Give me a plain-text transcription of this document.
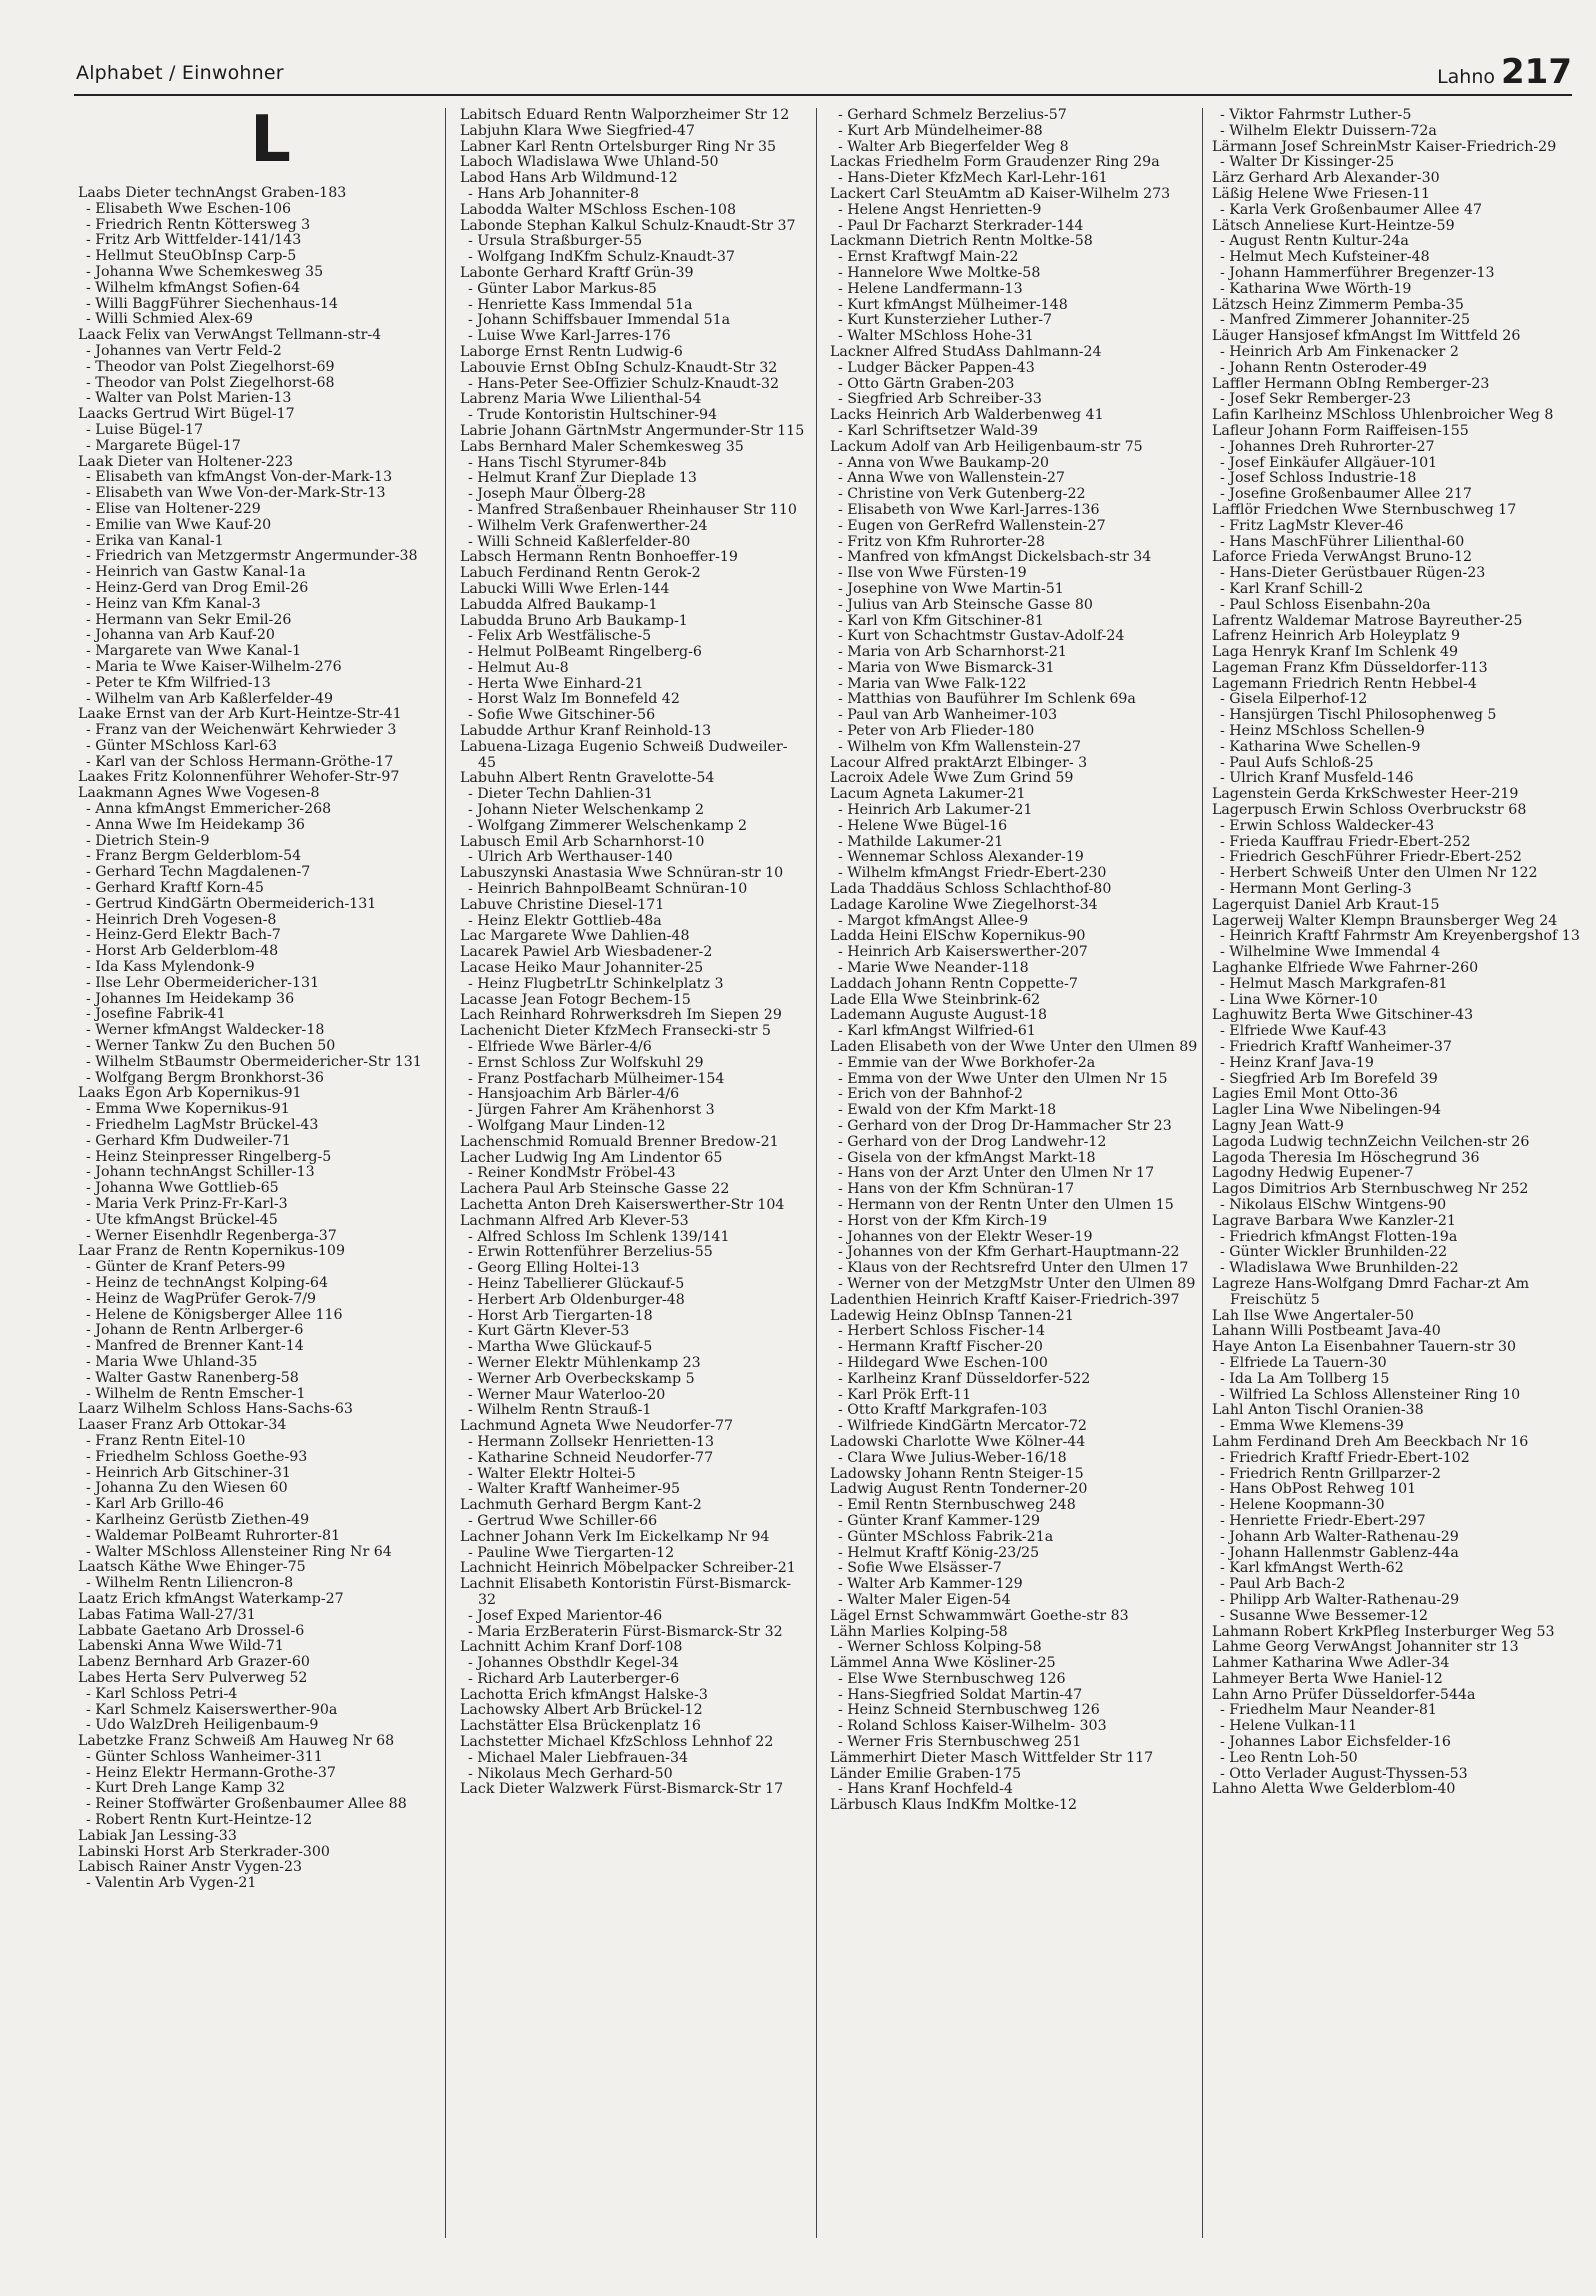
Alphabet / Einwohner	Lahno 217
L

Laabs Dieter technAngst Graben-183

- Elisabeth Wwe Eschen-106

- Friedrich Rentn Köttersweg 3

- Fritz Arb Wittfelder-141/143

- Hellmut SteuObInsp Carp-5

- Johanna Wwe Schemkesweg 35

- Wilhelm kfmAngst Sofien-64

- Willi BaggFührer Siechenhaus-14

- Willi Schmied Alex-69

Laack Felix van VerwAngst Tellmann-str-4

- Johannes van Vertr Feld-2

- Theodor van Polst Ziegelhorst-69

- Theodor van Polst Ziegelhorst-68

- Walter van Polst Marien-13

Laacks Gertrud Wirt Bügel-17

- Luise Bügel-17

- Margarete Bügel-17

Laak Dieter van Holtener-223

- Elisabeth van kfmAngst Von-der-Mark-13

- Elisabeth van Wwe Von-der-Mark-Str-13

- Elise van Holtener-229

- Emilie van Wwe Kauf-20

- Erika van Kanal-1

- Friedrich van Metzgermstr Angermunder-38

- Heinrich van Gastw Kanal-1a

- Heinz-Gerd van Drog Emil-26

- Heinz van Kfm Kanal-3

- Hermann van Sekr Emil-26

- Johanna van Arb Kauf-20

- Margarete van Wwe Kanal-1

- Maria te Wwe Kaiser-Wilhelm-276

- Peter te Kfm Wilfried-13

- Wilhelm van Arb Kaßlerfelder-49

Laake Ernst van der Arb Kurt-Heintze-Str-41

- Franz van der Weichenwärt Kehrwieder 3

- Günter MSchloss Karl-63

- Karl van der Schloss Hermann-Gröthe-17

Laakes Fritz Kolonnenführer Wehofer-Str-97

Laakmann Agnes Wwe Vogesen-8

- Anna kfmAngst Emmericher-268

- Anna Wwe Im Heidekamp 36

- Dietrich Stein-9

- Franz Bergm Gelderblom-54

- Gerhard Techn Magdalenen-7

- Gerhard Kraftf Korn-45

- Gertrud KindGärtn Obermeiderich-131

- Heinrich Dreh Vogesen-8

- Heinz-Gerd Elektr Bach-7

- Horst Arb Gelderblom-48

- Ida Kass Mylendonk-9

- Ilse Lehr Obermeidericher-131

- Johannes Im Heidekamp 36

- Josefine Fabrik-41

- Werner kfmAngst Waldecker-18

- Werner Tankw Zu den Buchen 50

- Wilhelm StBaumstr Obermeidericher-Str 131

- Wolfgang Bergm Bronkhorst-36

Laaks Egon Arb Kopernikus-91

- Emma Wwe Kopernikus-91

- Friedhelm LagMstr Brückel-43

- Gerhard Kfm Dudweiler-71

- Heinz Steinpresser Ringelberg-5

- Johann technAngst Schiller-13

- Johanna Wwe Gottlieb-65

- Maria Verk Prinz-Fr-Karl-3

- Ute kfmAngst Brückel-45

- Werner Eisenhdlr Regenberga-37

Laar Franz de Rentn Kopernikus-109

- Günter de Kranf Peters-99

- Heinz de technAngst Kolping-64

- Heinz de WagPrüfer Gerok-7/9

- Helene de Königsberger Allee 116

- Johann de Rentn Arlberger-6

- Manfred de Brenner Kant-14

- Maria Wwe Uhland-35

- Walter Gastw Ranenberg-58

- Wilhelm de Rentn Emscher-1

Laarz Wilhelm Schloss Hans-Sachs-63

Laaser Franz Arb Ottokar-34

- Franz Rentn Eitel-10

- Friedhelm Schloss Goethe-93

- Heinrich Arb Gitschiner-31

- Johanna Zu den Wiesen 60

- Karl Arb Grillo-46

- Karlheinz Gerüstb Ziethen-49

- Waldemar PolBeamt Ruhrorter-81

- Walter MSchloss Allensteiner Ring Nr 64

Laatsch Käthe Wwe Ehinger-75

- Wilhelm Rentn Liliencron-8

Laatz Erich kfmAngst Waterkamp-27

Labas Fatima Wall-27/31

Labbate Gaetano Arb Drossel-6

Labenski Anna Wwe Wild-71

Labenz Bernhard Arb Grazer-60

Labes Herta Serv Pulverweg 52

- Karl Schloss Petri-4

- Karl Schmelz Kaiserswerther-90a

- Udo WalzDreh Heiligenbaum-9

Labetzke Franz Schweiß Am Hauweg Nr 68

- Günter Schloss Wanheimer-311

- Heinz Elektr Hermann-Grothe-37

- Kurt Dreh Lange Kamp 32

- Reiner Stoffwärter Großenbaumer Allee 88

- Robert Rentn Kurt-Heintze-12

Labiak Jan Lessing-33

Labinski Horst Arb Sterkrader-300

Labisch Rainer Anstr Vygen-23

- Valentin Arb Vygen-21

Labitsch Eduard Rentn Walporzheimer Str 12

Labjuhn Klara Wwe Siegfried-47

Labner Karl Rentn Ortelsburger Ring Nr 35

Laboch Wladislawa Wwe Uhland-50

Labod Hans Arb Wildmund-12

- Hans Arb Johanniter-8

Labodda Walter MSchloss Eschen-108

Labonde Stephan Kalkul Schulz-Knaudt-Str 37

- Ursula Straßburger-55

- Wolfgang IndKfm Schulz-Knaudt-37

Labonte Gerhard Kraftf Grün-39

- Günter Labor Markus-85

- Henriette Kass Immendal 51a

- Johann Schiffsbauer Immendal 51a

- Luise Wwe Karl-Jarres-176

Laborge Ernst Rentn Ludwig-6

Labouvie Ernst ObIng Schulz-Knaudt-Str 32

- Hans-Peter See-Offizier Schulz-Knaudt-32

Labrenz Maria Wwe Lilienthal-54

- Trude Kontoristin Hultschiner-94

Labrie Johann GärtnMstr Angermunder-Str 115

Labs Bernhard Maler Schemkesweg 35

- Hans Tischl Styrumer-84b

- Helmut Kranf Zur Dieplade 13

- Joseph Maur Ölberg-28

- Manfred Straßenbauer Rheinhauser Str 110

- Wilhelm Verk Grafenwerther-24

- Willi Schneid Kaßlerfelder-80

Labsch Hermann Rentn Bonhoeffer-19

Labuch Ferdinand Rentn Gerok-2

Labucki Willi Wwe Erlen-144

Labudda Alfred Baukamp-1

Labudda Bruno Arb Baukamp-1

- Felix Arb Westfälische-5

- Helmut PolBeamt Ringelberg-6

- Helmut Au-8

- Herta Wwe Einhard-21

- Horst Walz Im Bonnefeld 42

- Sofie Wwe Gitschiner-56

Labudde Arthur Kranf Reinhold-13

Labuena-Lizaga Eugenio Schweiß Dudweiler-45

Labuhn Albert Rentn Gravelotte-54

- Dieter Techn Dahlien-31

- Johann Nieter Welschenkamp 2

- Wolfgang Zimmerer Welschenkamp 2

Labusch Emil Arb Scharnhorst-10

- Ulrich Arb Werthauser-140

Labuszynski Anastasia Wwe Schnüran-str 10

- Heinrich BahnpolBeamt Schnüran-10

Labuve Christine Diesel-171

- Heinz Elektr Gottlieb-48a

Lac Margarete Wwe Dahlien-48

Lacarek Pawiel Arb Wiesbadener-2

Lacase Heiko Maur Johanniter-25

- Heinz FlugbetrLtr Schinkelplatz 3

Lacasse Jean Fotogr Bechem-15

Lach Reinhard Rohrwerksdreh Im Siepen 29

Lachenicht Dieter KfzMech Fransecki-str 5

- Elfriede Wwe Bärler-4/6

- Ernst Schloss Zur Wolfskuhl 29

- Franz Postfacharb Mülheimer-154

- Hansjoachim Arb Bärler-4/6

- Jürgen Fahrer Am Krähenhorst 3

- Wolfgang Maur Linden-12

Lachenschmid Romuald Brenner Bredow-21

Lacher Ludwig Ing Am Lindentor 65

- Reiner KondMstr Fröbel-43

Lachera Paul Arb Steinsche Gasse 22

Lachetta Anton Dreh Kaiserswerther-Str 104

Lachmann Alfred Arb Klever-53

- Alfred Schloss Im Schlenk 139/141

- Erwin Rottenführer Berzelius-55

- Georg Elling Holtei-13

- Heinz Tabellierer Glückauf-5

- Herbert Arb Oldenburger-48

- Horst Arb Tiergarten-18

- Kurt Gärtn Klever-53

- Martha Wwe Glückauf-5

- Werner Elektr Mühlenkamp 23

- Werner Arb Overbeckskamp 5

- Werner Maur Waterloo-20

- Wilhelm Rentn Strauß-1

Lachmund Agneta Wwe Neudorfer-77

- Hermann Zollsekr Henrietten-13

- Katharine Schneid Neudorfer-77

- Walter Elektr Holtei-5

- Walter Kraftf Wanheimer-95

Lachmuth Gerhard Bergm Kant-2

- Gertrud Wwe Schiller-66

Lachner Johann Verk Im Eickelkamp Nr 94

- Pauline Wwe Tiergarten-12

Lachnicht Heinrich Möbelpacker Schreiber-21

Lachnit Elisabeth Kontoristin Fürst-Bismarck-32

- Josef Exped Marientor-46

- Maria ErzBeraterin Fürst-Bismarck-Str 32

Lachnitt Achim Kranf Dorf-108

- Johannes Obsthdlr Kegel-34

- Richard Arb Lauterberger-6

Lachotta Erich kfmAngst Halske-3

Lachowsky Albert Arb Brückel-12

Lachstätter Elsa Brückenplatz 16

Lachstetter Michael KfzSchloss Lehnhof 22

- Michael Maler Liebfrauen-34

- Nikolaus Mech Gerhard-50

Lack Dieter Walzwerk Fürst-Bismarck-Str 17

- Gerhard Schmelz Berzelius-57

- Kurt Arb Mündelheimer-88

- Walter Arb Biegerfelder Weg 8

Lackas Friedhelm Form Graudenzer Ring 29a

- Hans-Dieter KfzMech Karl-Lehr-161

Lackert Carl SteuAmtm aD Kaiser-Wilhelm 273

- Helene Angst Henrietten-9

- Paul Dr Facharzt Sterkrader-144

Lackmann Dietrich Rentn Moltke-58

- Ernst Kraftwgf Main-22

- Hannelore Wwe Moltke-58

- Helene Landfermann-13

- Kurt kfmAngst Mülheimer-148

- Kurt Kunsterzieher Luther-7

- Walter MSchloss Hohe-31

Lackner Alfred StudAss Dahlmann-24

- Ludger Bäcker Pappen-43

- Otto Gärtn Graben-203

- Siegfried Arb Schreiber-33

Lacks Heinrich Arb Walderbenweg 41

- Karl Schriftsetzer Wald-39

Lackum Adolf van Arb Heiligenbaum-str 75

- Anna von Wwe Baukamp-20

- Anna Wwe von Wallenstein-27

- Christine von Verk Gutenberg-22

- Elisabeth von Wwe Karl-Jarres-136

- Eugen von GerRefrd Wallenstein-27

- Fritz von Kfm Ruhrorter-28

- Manfred von kfmAngst Dickelsbach-str 34

- Ilse von Wwe Fürsten-19

- Josephine von Wwe Martin-51

- Julius van Arb Steinsche Gasse 80

- Karl von Kfm Gitschiner-81

- Kurt von Schachtmstr Gustav-Adolf-24

- Maria von Arb Scharnhorst-21

- Maria von Wwe Bismarck-31

- Maria van Wwe Falk-122

- Matthias von Bauführer Im Schlenk 69a

- Paul van Arb Wanheimer-103

- Peter von Arb Flieder-180

- Wilhelm von Kfm Wallenstein-27

Lacour Alfred praktArzt Elbinger- 3

Lacroix Adele Wwe Zum Grind 59

Lacum Agneta Lakumer-21

- Heinrich Arb Lakumer-21

- Helene Wwe Bügel-16

- Mathilde Lakumer-21

- Wennemar Schloss Alexander-19

- Wilhelm kfmAngst Friedr-Ebert-230

Lada Thaddäus Schloss Schlachthof-80

Ladage Karoline Wwe Ziegelhorst-34

- Margot kfmAngst Allee-9

Ladda Heini ElSchw Kopernikus-90

- Heinrich Arb Kaiserswerther-207

- Marie Wwe Neander-118

Laddach Johann Rentn Coppette-7

Lade Ella Wwe Steinbrink-62

Lademann Auguste August-18

- Karl kfmAngst Wilfried-61

Laden Elisabeth von der Wwe Unter den Ulmen 89

- Emmie van der Wwe Borkhofer-2a

- Emma von der Wwe Unter den Ulmen Nr 15

- Erich von der Bahnhof-2

- Ewald von der Kfm Markt-18

- Gerhard von der Drog Dr-Hammacher Str 23

- Gerhard von der Drog Landwehr-12

- Gisela von der kfmAngst Markt-18

- Hans von der Arzt Unter den Ulmen Nr 17

- Hans von der Kfm Schnüran-17

- Hermann von der Rentn Unter den Ulmen 15

- Horst von der Kfm Kirch-19

- Johannes von der Elektr Weser-19

- Johannes von der Kfm Gerhart-Hauptmann-22

- Klaus von der Rechtsrefrd Unter den Ulmen 17

- Werner von der MetzgMstr Unter den Ulmen 89

Ladenthien Heinrich Kraftf Kaiser-Friedrich-397

Ladewig Heinz ObInsp Tannen-21

- Herbert Schloss Fischer-14

- Hermann Kraftf Fischer-20

- Hildegard Wwe Eschen-100

- Karlheinz Kranf Düsseldorfer-522

- Karl Prök Erft-11

- Otto Kraftf Markgrafen-103

- Wilfriede KindGärtn Mercator-72

Ladowski Charlotte Wwe Kölner-44

- Clara Wwe Julius-Weber-16/18

Ladowsky Johann Rentn Steiger-15

Ladwig August Rentn Tonderner-20

- Emil Rentn Sternbuschweg 248

- Günter Kranf Kammer-129

- Günter MSchloss Fabrik-21a

- Helmut Kraftf König-23/25

- Sofie Wwe Elsässer-7

- Walter Arb Kammer-129

- Walter Maler Eigen-54

Lägel Ernst Schwammwärt Goethe-str 83

Lähn Marlies Kolping-58

- Werner Schloss Kolping-58

Lämmel Anna Wwe Kösliner-25

- Else Wwe Sternbuschweg 126

- Hans-Siegfried Soldat Martin-47

- Heinz Schneid Sternbuschweg 126

- Roland Schloss Kaiser-Wilhelm- 303

- Werner Fris Sternbuschweg 251

Lämmerhirt Dieter Masch Wittfelder Str 117

Länder Emilie Graben-175

- Hans Kranf Hochfeld-4

Lärbusch Klaus IndKfm Moltke-12

- Viktor Fahrmstr Luther-5

- Wilhelm Elektr Duissern-72a

Lärmann Josef SchreinMstr Kaiser-Friedrich-29

- Walter Dr Kissinger-25

Lärz Gerhard Arb Alexander-30

Läßig Helene Wwe Friesen-11

- Karla Verk Großenbaumer Allee 47

Lätsch Anneliese Kurt-Heintze-59

- August Rentn Kultur-24a

- Helmut Mech Kufsteiner-48

- Johann Hammerführer Bregenzer-13

- Katharina Wwe Wörth-19

Lätzsch Heinz Zimmerm Pemba-35

- Manfred Zimmerer Johanniter-25

Läuger Hansjosef kfmAngst Im Wittfeld 26

- Heinrich Arb Am Finkenacker 2

- Johann Rentn Osteroder-49

Laffler Hermann ObIng Remberger-23

- Josef Sekr Remberger-23

Lafin Karlheinz MSchloss Uhlenbroicher Weg 8

Lafleur Johann Form Raiffeisen-155

- Johannes Dreh Ruhrorter-27

- Josef Einkäufer Allgäuer-101

- Josef Schloss Industrie-18

- Josefine Großenbaumer Allee 217

Lafflör Friedchen Wwe Sternbuschweg 17

- Fritz LagMstr Klever-46

- Hans MaschFührer Lilienthal-60

Laforce Frieda VerwAngst Bruno-12

- Hans-Dieter Gerüstbauer Rügen-23

- Karl Kranf Schill-2

- Paul Schloss Eisenbahn-20a

Lafrentz Waldemar Matrose Bayreuther-25

Lafrenz Heinrich Arb Holeyplatz 9

Laga Henryk Kranf Im Schlenk 49

Lageman Franz Kfm Düsseldorfer-113

Lagemann Friedrich Rentn Hebbel-4

- Gisela Eilperhof-12

- Hansjürgen Tischl Philosophenweg 5

- Heinz MSchloss Schellen-9

- Katharina Wwe Schellen-9

- Paul Aufs Schloß-25

- Ulrich Kranf Musfeld-146

Lagenstein Gerda KrkSchwester Heer-219

Lagerpusch Erwin Schloss Overbruckstr 68

- Erwin Schloss Waldecker-43

- Frieda Kauffrau Friedr-Ebert-252

- Friedrich GeschFührer Friedr-Ebert-252

- Herbert Schweiß Unter den Ulmen Nr 122

- Hermann Mont Gerling-3

Lagerquist Daniel Arb Kraut-15

Lagerweij Walter Klempn Braunsberger Weg 24

- Heinrich Kraftf Fahrmstr Am Kreyenbergshof 13

- Wilhelmine Wwe Immendal 4

Laghanke Elfriede Wwe Fahrner-260

- Helmut Masch Markgrafen-81

- Lina Wwe Körner-10

Laghuwitz Berta Wwe Gitschiner-43

- Elfriede Wwe Kauf-43

- Friedrich Kraftf Wanheimer-37

- Heinz Kranf Java-19

- Siegfried Arb Im Borefeld 39

Lagies Emil Mont Otto-36

Lagler Lina Wwe Nibelingen-94

Lagny Jean Watt-9

Lagoda Ludwig technZeichn Veilchen-str 26

Lagoda Theresia Im Höschegrund 36

Lagodny Hedwig Eupener-7

Lagos Dimitrios Arb Sternbuschweg Nr 252

- Nikolaus ElSchw Wintgens-90

Lagrave Barbara Wwe Kanzler-21

- Friedrich kfmAngst Flotten-19a

- Günter Wickler Brunhilden-22

- Wladislawa Wwe Brunhilden-22

Lagreze Hans-Wolfgang Dmrd Fachar-zt Am Freischütz 5

Lah Ilse Wwe Angertaler-50

Lahann Willi Postbeamt Java-40

Haye Anton La Eisenbahner Tauern-str 30

- Elfriede La Tauern-30

- Ida La Am Tollberg 15

- Wilfried La Schloss Allensteiner Ring 10

Lahl Anton Tischl Oranien-38

- Emma Wwe Klemens-39

Lahm Ferdinand Dreh Am Beeckbach Nr 16

- Friedrich Kraftf Friedr-Ebert-102

- Friedrich Rentn Grillparzer-2

- Hans ObPost Rehweg 101

- Helene Koopmann-30

- Henriette Friedr-Ebert-297

- Johann Arb Walter-Rathenau-29

- Johann Hallenmstr Gablenz-44a

- Karl kfmAngst Werth-62

- Paul Arb Bach-2

- Philipp Arb Walter-Rathenau-29

- Susanne Wwe Bessemer-12

Lahmann Robert KrkPfleg Insterburger Weg 53

Lahme Georg VerwAngst Johanniter str 13

Lahmer Katharina Wwe Adler-34

Lahmeyer Berta Wwe Haniel-12

Lahn Arno Prüfer Düsseldorfer-544a

- Friedhelm Maur Neander-81

- Helene Vulkan-11

- Johannes Labor Eichsfelder-16

- Leo Rentn Loh-50

- Otto Verlader August-Thyssen-53

Lahno Aletta Wwe Gelderblom-40
